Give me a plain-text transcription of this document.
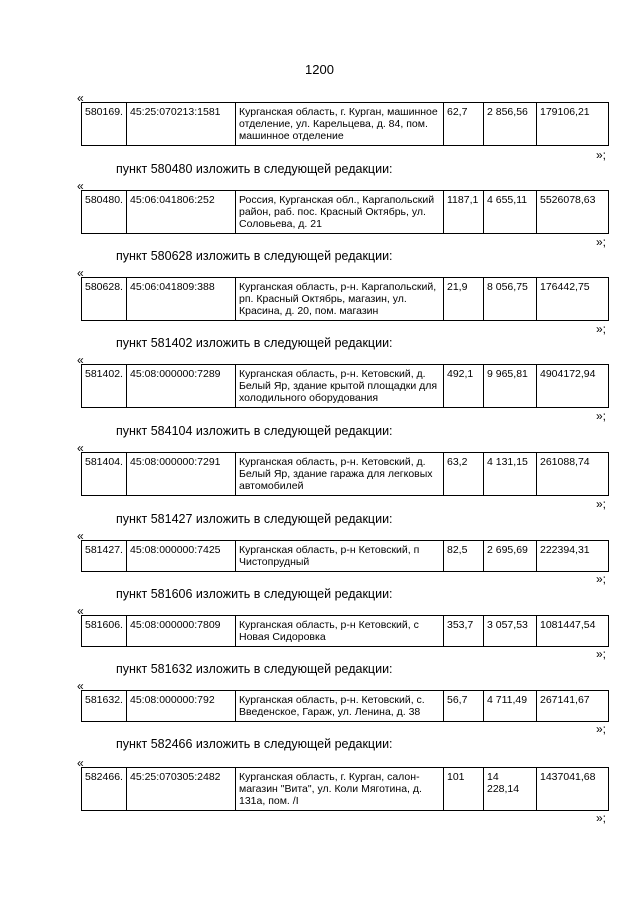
1200
«
580169.	45:25:070213:1581	Курганская область, г. Курган, машинное отделение, ул. Карельцева, д. 84, пом. машинное отделение	62,7	2 856,56	179106,21
»;
пункт 580480 изложить в следующей редакции:
«
580480.	45:06:041806:252	Россия, Курганская обл., Каргапольский район, раб. пос. Красный Октябрь, ул. Соловьева, д. 21	1187,1	4 655,11	5526078,63
»;
пункт 580628 изложить в следующей редакции:
«
580628.	45:06:041809:388	Курганская область, р-н. Каргапольский, рп. Красный Октябрь, магазин, ул. Красина, д. 20, пом. магазин	21,9	8 056,75	176442,75
»;
пункт 581402 изложить в следующей редакции:
«
581402.	45:08:000000:7289	Курганская область, р-н. Кетовский, д. Белый Яр, здание крытой площадки для холодильного оборудования	492,1	9 965,81	4904172,94
»;
пункт 584104 изложить в следующей редакции:
«
581404.	45:08:000000:7291	Курганская область, р-н. Кетовский, д. Белый Яр, здание гаража для легковых автомобилей	63,2	4 131,15	261088,74
»;
пункт 581427 изложить в следующей редакции:
«
581427.	45:08:000000:7425	Курганская область, р-н Кетовский, п Чистопрудный	82,5	2 695,69	222394,31
»;
пункт 581606 изложить в следующей редакции:
«
581606.	45:08:000000:7809	Курганская область, р-н Кетовский, с Новая Сидоровка	353,7	3 057,53	1081447,54
»;
пункт 581632 изложить в следующей редакции:
«
581632.	45:08:000000:792	Курганская область, р-н. Кетовский, с. Введенское, Гараж, ул. Ленина, д. 38	56,7	4 711,49	267141,67
»;
пункт 582466 изложить в следующей редакции:
«
582466.	45:25:070305:2482	Курганская область, г. Курган, салон-магазин "Вита", ул. Коли Мяготина, д. 131а, пом. /I	101	14 228,14	1437041,68
»;
